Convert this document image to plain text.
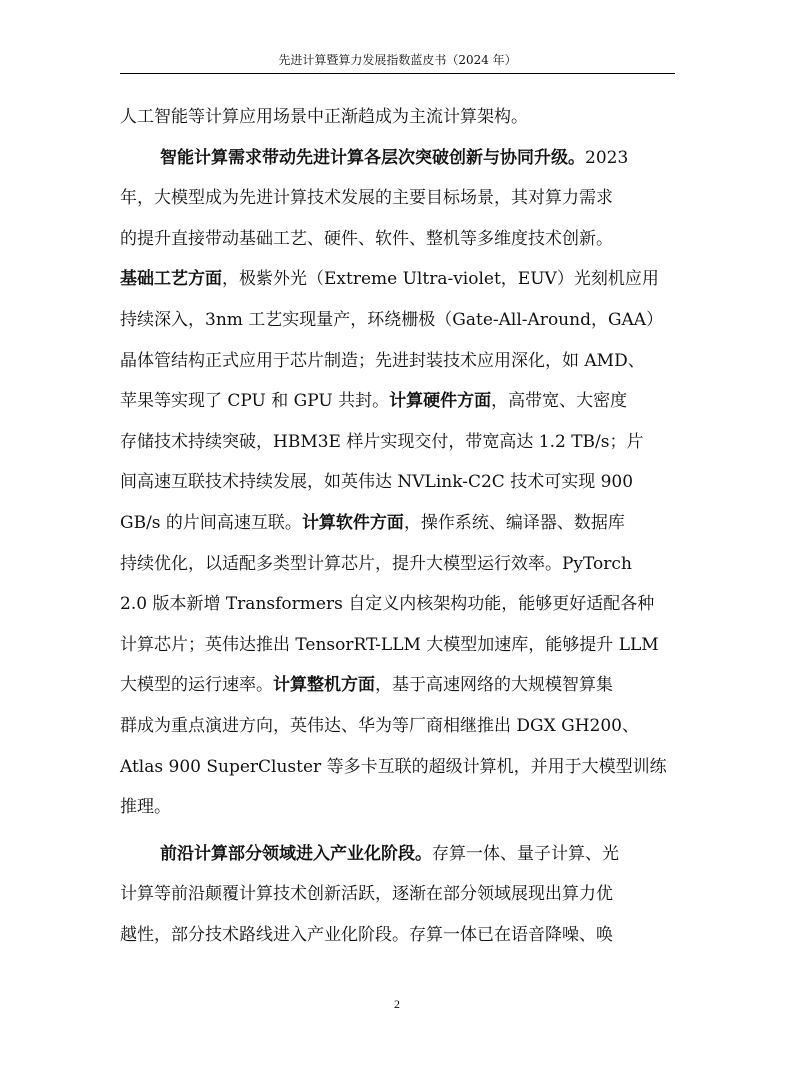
先进计算暨算力发展指数蓝皮书（2024 年）
人工智能等计算应用场景中正渐趋成为主流计算架构。
智能计算需求带动先进计算各层次突破创新与协同升级。2023
年，大模型成为先进计算技术发展的主要目标场景，其对算力需求
的提升直接带动基础工艺、硬件、软件、整机等多维度技术创新。
基础工艺方面，极紫外光（Extreme Ultra-violet，EUV）光刻机应用
持续深入，3nm 工艺实现量产，环绕栅极（Gate-All-Around，GAA）
晶体管结构正式应用于芯片制造；先进封装技术应用深化，如 AMD、
苹果等实现了 CPU 和 GPU 共封。计算硬件方面，高带宽、大密度
存储技术持续突破，HBM3E 样片实现交付，带宽高达 1.2 TB/s；片
间高速互联技术持续发展，如英伟达 NVLink-C2C 技术可实现 900
GB/s 的片间高速互联。计算软件方面，操作系统、编译器、数据库
持续优化，以适配多类型计算芯片，提升大模型运行效率。PyTorch
2.0 版本新增 Transformers 自定义内核架构功能，能够更好适配各种
计算芯片；英伟达推出 TensorRT-LLM 大模型加速库，能够提升 LLM
大模型的运行速率。计算整机方面，基于高速网络的大规模智算集
群成为重点演进方向，英伟达、华为等厂商相继推出 DGX GH200、
Atlas 900 SuperCluster 等多卡互联的超级计算机，并用于大模型训练
推理。
前沿计算部分领域进入产业化阶段。存算一体、量子计算、光
计算等前沿颠覆计算技术创新活跃，逐渐在部分领域展现出算力优
越性，部分技术路线进入产业化阶段。存算一体已在语音降噪、唤
2
